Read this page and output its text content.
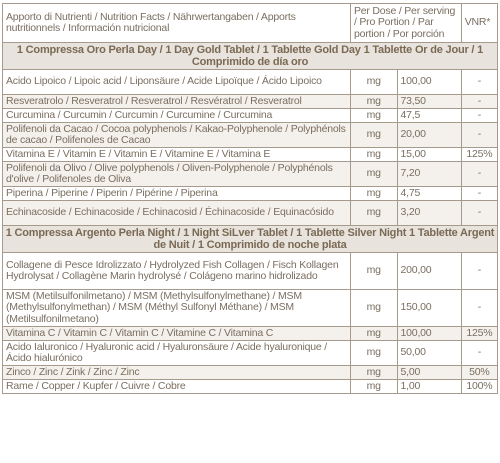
Apporto di Nutrienti / Nutrition Facts / Nährwertangaben / Apports nutritionnels / Información nutricional	Per Dose / Per serving / Pro Portion / Par portion / Por porción		VNR*
1 Compressa Oro Perla Day / 1 Day Gold Tablet / 1 Tablette Gold Day 1 Tablette Or de Jour / 1 Comprimido de día oro			
Acido Lipoico / Lipoic acid / Liponsäure / Acide Lipoïque / Ácido Lipoico	mg	100,00	-
Resveratrolo / Resveratrol / Resveratrol / Resvératrol / Resveratrol	mg	73,50	-
Curcumina / Curcumin / Curcumin / Curcumine / Curcumina	mg	47,5	-
Polifenoli da Cacao / Cocoa polyphenols / Kakao-Polyphenole / Polyphénols de cacao / Polifenoles de Cacao	mg	20,00	-
Vitamina E / Vitamin E / Vitamin E / Vitamine E / Vitamina E	mg	15,00	125%
Polifenoli da Olivo / Olive polyphenols / Oliven-Polyphenole / Polyphénols d'olive / Polifenoles de Oliva	mg	7,20	-
Piperina / Piperine / Piperin / Pipérine / Piperina	mg	4,75	-
Echinacoside / Echinacoside / Echinacosid / Échinacoside / Equinacósido	mg	3,20	-
1 Compressa Argento Perla Night / 1 Night SiLver Tablet / 1 Tablette Silver Night 1 Tablette Argent de Nuit / 1 Comprimido de noche plata			
Collagene di Pesce Idrolizzato / Hydrolyzed Fish Collagen / Fisch Kollagen Hydrolysat / Collagène Marin hydrolysé / Colágeno marino hidrolizado	mg	200,00	-
MSM (Metilsulfonilmetano) / MSM (Methylsulfonylmethane) / MSM (Methylsulfonylmethan) / MSM (Méthyl Sulfonyl Méthane) / MSM (Metilsulfonilmetano)	mg	150,00	-
Vitamina C / Vitamin C / Vitamin C / Vitamine C / Vitamina C	mg	100,00	125%
Acido Ialuronico / Hyaluronic acid / Hyaluronsäure / Acide hyaluronique / Ácido hialurónico	mg	50,00	-
Zinco / Zinc / Zink / Zinc / Zinc	mg	5,00	50%
Rame / Copper / Kupfer / Cuivre / Cobre	mg	1,00	100%
